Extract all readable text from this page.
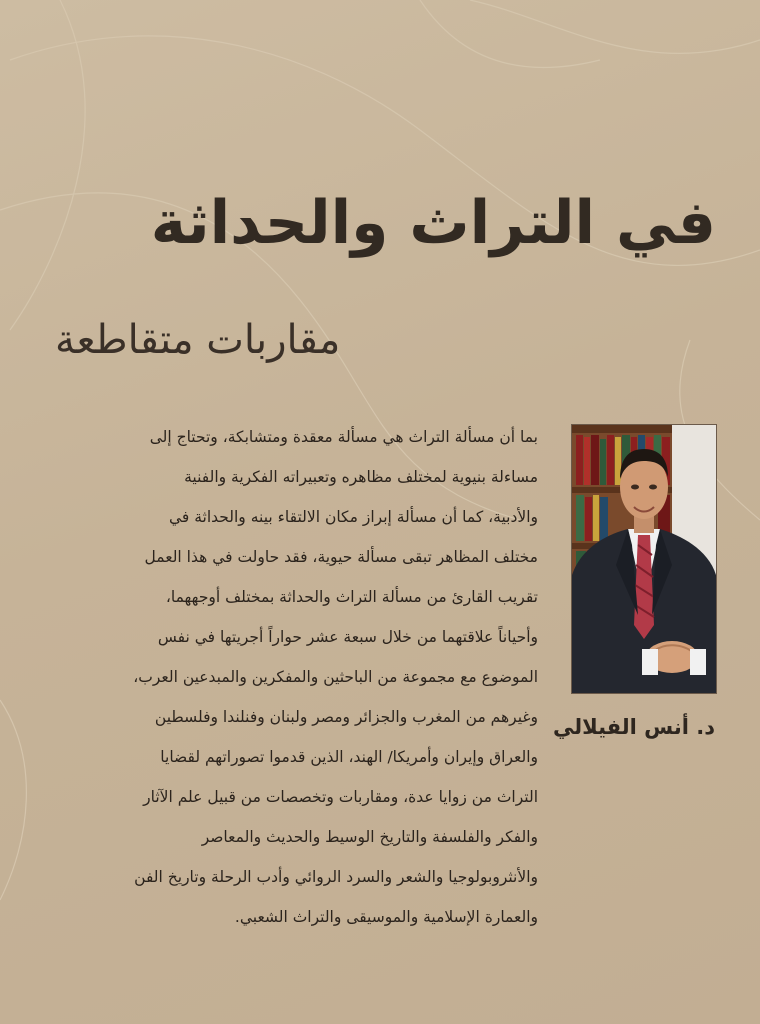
في التراث والحداثة
مقاربات متقاطعة
بما أن مسألة التراث هي مسألة معقدة ومتشابكة، وتحتاج إلى
مساءلة بنيوية لمختلف مظاهره وتعبيراته الفكرية والفنية
والأدبية، كما أن مسألة إبراز مكان الالتقاء بينه والحداثة في
مختلف المظاهر تبقى مسألة حيوية، فقد حاولت في هذا العمل
تقريب القارئ من مسألة التراث والحداثة بمختلف أوجههما،
وأحياناً علاقتهما من خلال سبعة عشر حواراً أجريتها في نفس
الموضوع مع مجموعة من الباحثين والمفكرين والمبدعين العرب،
وغيرهم من المغرب والجزائر ومصر ولبنان وفنلندا وفلسطين
والعراق وإيران وأمريكا/ الهند، الذين قدموا تصوراتهم لقضايا
التراث من زوايا عدة، ومقاربات وتخصصات من قبيل علم الآثار
والفكر والفلسفة والتاريخ الوسيط والحديث والمعاصر
والأنثروبولوجيا والشعر والسرد الروائي وأدب الرحلة وتاريخ الفن
والعمارة الإسلامية والموسيقى والتراث الشعبي.
د. أنس الفيلالي
